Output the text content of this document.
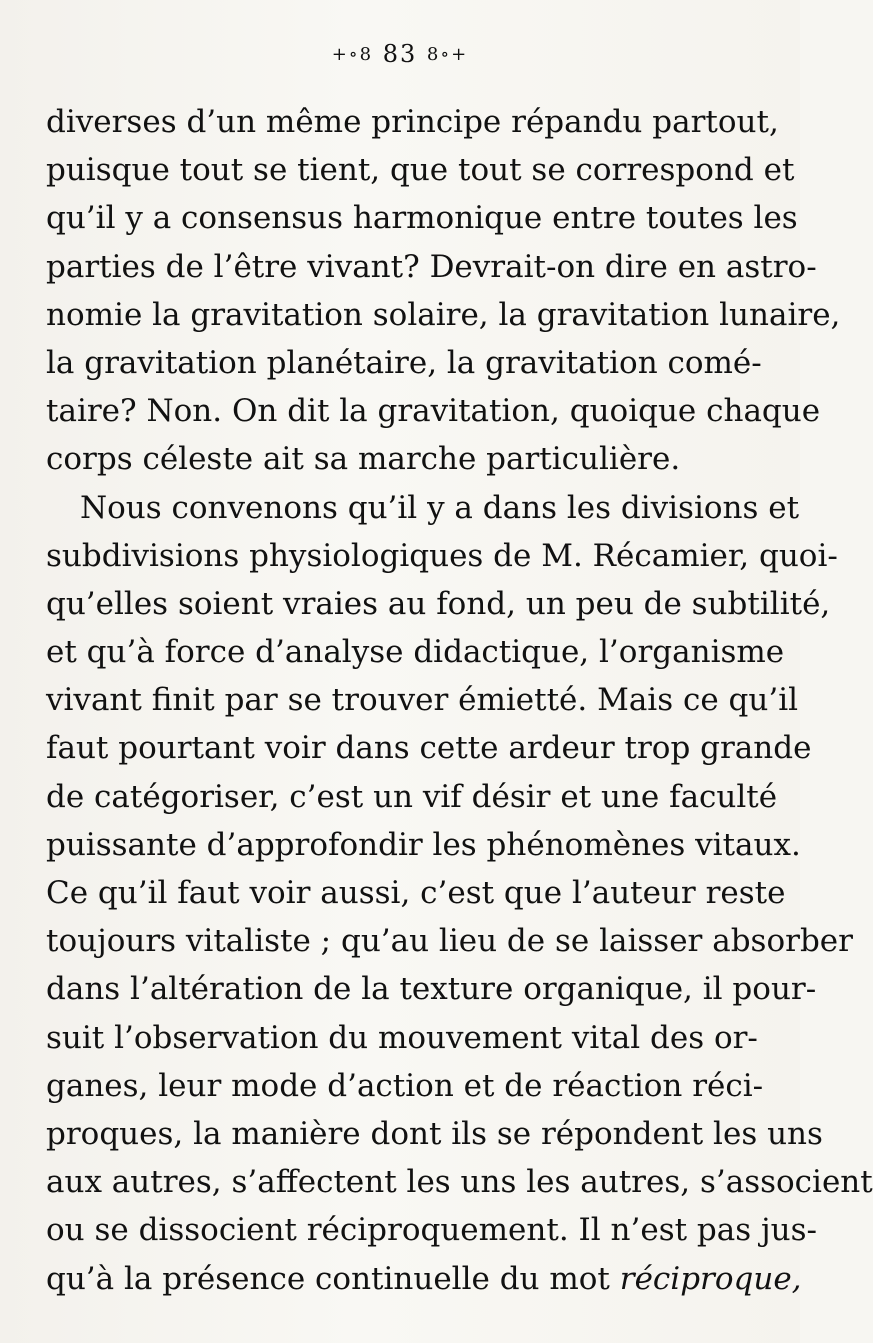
+∘8 83 8∘+
diverses d’un même principe répandu partout,
puisque tout se tient, que tout se correspond et
qu’il y a consensus harmonique entre toutes les
parties de l’être vivant? Devrait-on dire en astro-
nomie la gravitation solaire, la gravitation lunaire,
la gravitation planétaire, la gravitation comé-
taire? Non. On dit la gravitation, quoique chaque
corps céleste ait sa marche particulière.
Nous convenons qu’il y a dans les divisions et
subdivisions physiologiques de M. Récamier, quoi-
qu’elles soient vraies au fond, un peu de subtilité,
et qu’à force d’analyse didactique, l’organisme
vivant finit par se trouver émietté. Mais ce qu’il
faut pourtant voir dans cette ardeur trop grande
de catégoriser, c’est un vif désir et une faculté
puissante d’approfondir les phénomènes vitaux.
Ce qu’il faut voir aussi, c’est que l’auteur reste
toujours vitaliste ; qu’au lieu de se laisser absorber
dans l’altération de la texture organique, il pour-
suit l’observation du mouvement vital des or-
ganes, leur mode d’action et de réaction réci-
proques, la manière dont ils se répondent les uns
aux autres, s’affectent les uns les autres, s’associent
ou se dissocient réciproquement. Il n’est pas jus-
qu’à la présence continuelle du mot réciproque,
